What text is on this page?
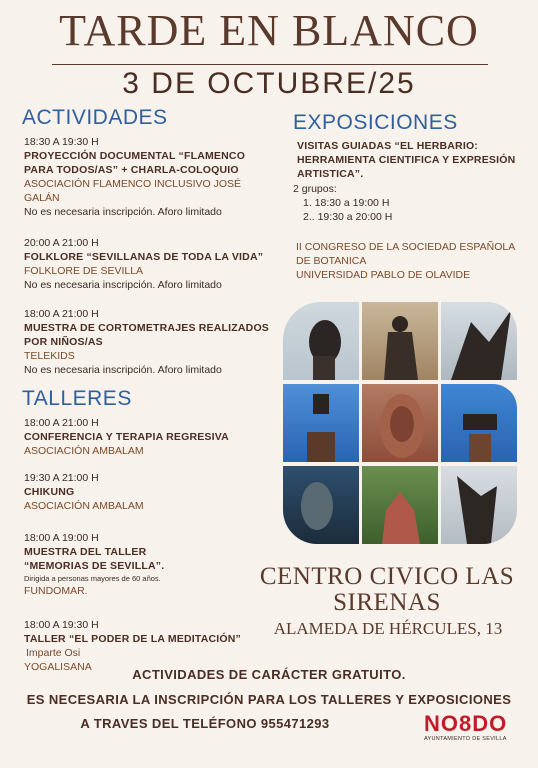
TARDE EN BLANCO
3 DE OCTUBRE/25
ACTIVIDADES
18:30 A 19:30 H
PROYECCIÓN DOCUMENTAL “FLAMENCO
PARA TODOS/AS” + CHARLA-COLOQUIO
ASOCIACIÓN FLAMENCO INCLUSIVO JOSÉ
GALÁN
No es necesaria inscripción. Aforo limitado
20:00 A 21:00 H
FOLKLORE “SEVILLANAS DE TODA LA VIDA”
FOLKLORE DE SEVILLA
No es necesaria inscripción. Aforo limitado
18:00 A 21:00 H
MUESTRA DE CORTOMETRAJES REALIZADOS
POR NIÑOS/AS
TELEKIDS
No es necesaria inscripción. Aforo limitado
TALLERES
18:00 A 21:00 H
CONFERENCIA Y TERAPIA REGRESIVA
ASOCIACIÓN AMBALAM
19:30 A 21:00 H
CHIKUNG
ASOCIACIÓN AMBALAM
18:00 A 19:00 H
MUESTRA DEL TALLER
“MEMORIAS DE SEVILLA”.
Dirigida a personas mayores de 60 años.
FUNDOMAR.
18:00 A 19:30 H
TALLER “EL PODER DE LA MEDITACIÓN”
Imparte Osi
YOGALISANA
EXPOSICIONES
VISITAS GUIADAS “EL HERBARIO:
HERRAMIENTA CIENTIFICA Y EXPRESIÓN
ARTISTICA”.
2 grupos:
1. 18:30 a 19:00 H
2.. 19:30 a 20:00 H
II CONGRESO DE LA SOCIEDAD ESPAÑOLA
DE BOTANICA
UNIVERSIDAD PABLO DE OLAVIDE
CENTRO CIVICO LAS
SIRENAS
ALAMEDA DE HÉRCULES, 13
ACTIVIDADES DE CARÁCTER GRATUITO.
ES NECESARIA LA INSCRIPCIÓN PARA LOS TALLERES Y EXPOSICIONES
A TRAVES DEL TELÉFONO 955471293	NO8DO
AYUNTAMIENTO DE SEVILLA
